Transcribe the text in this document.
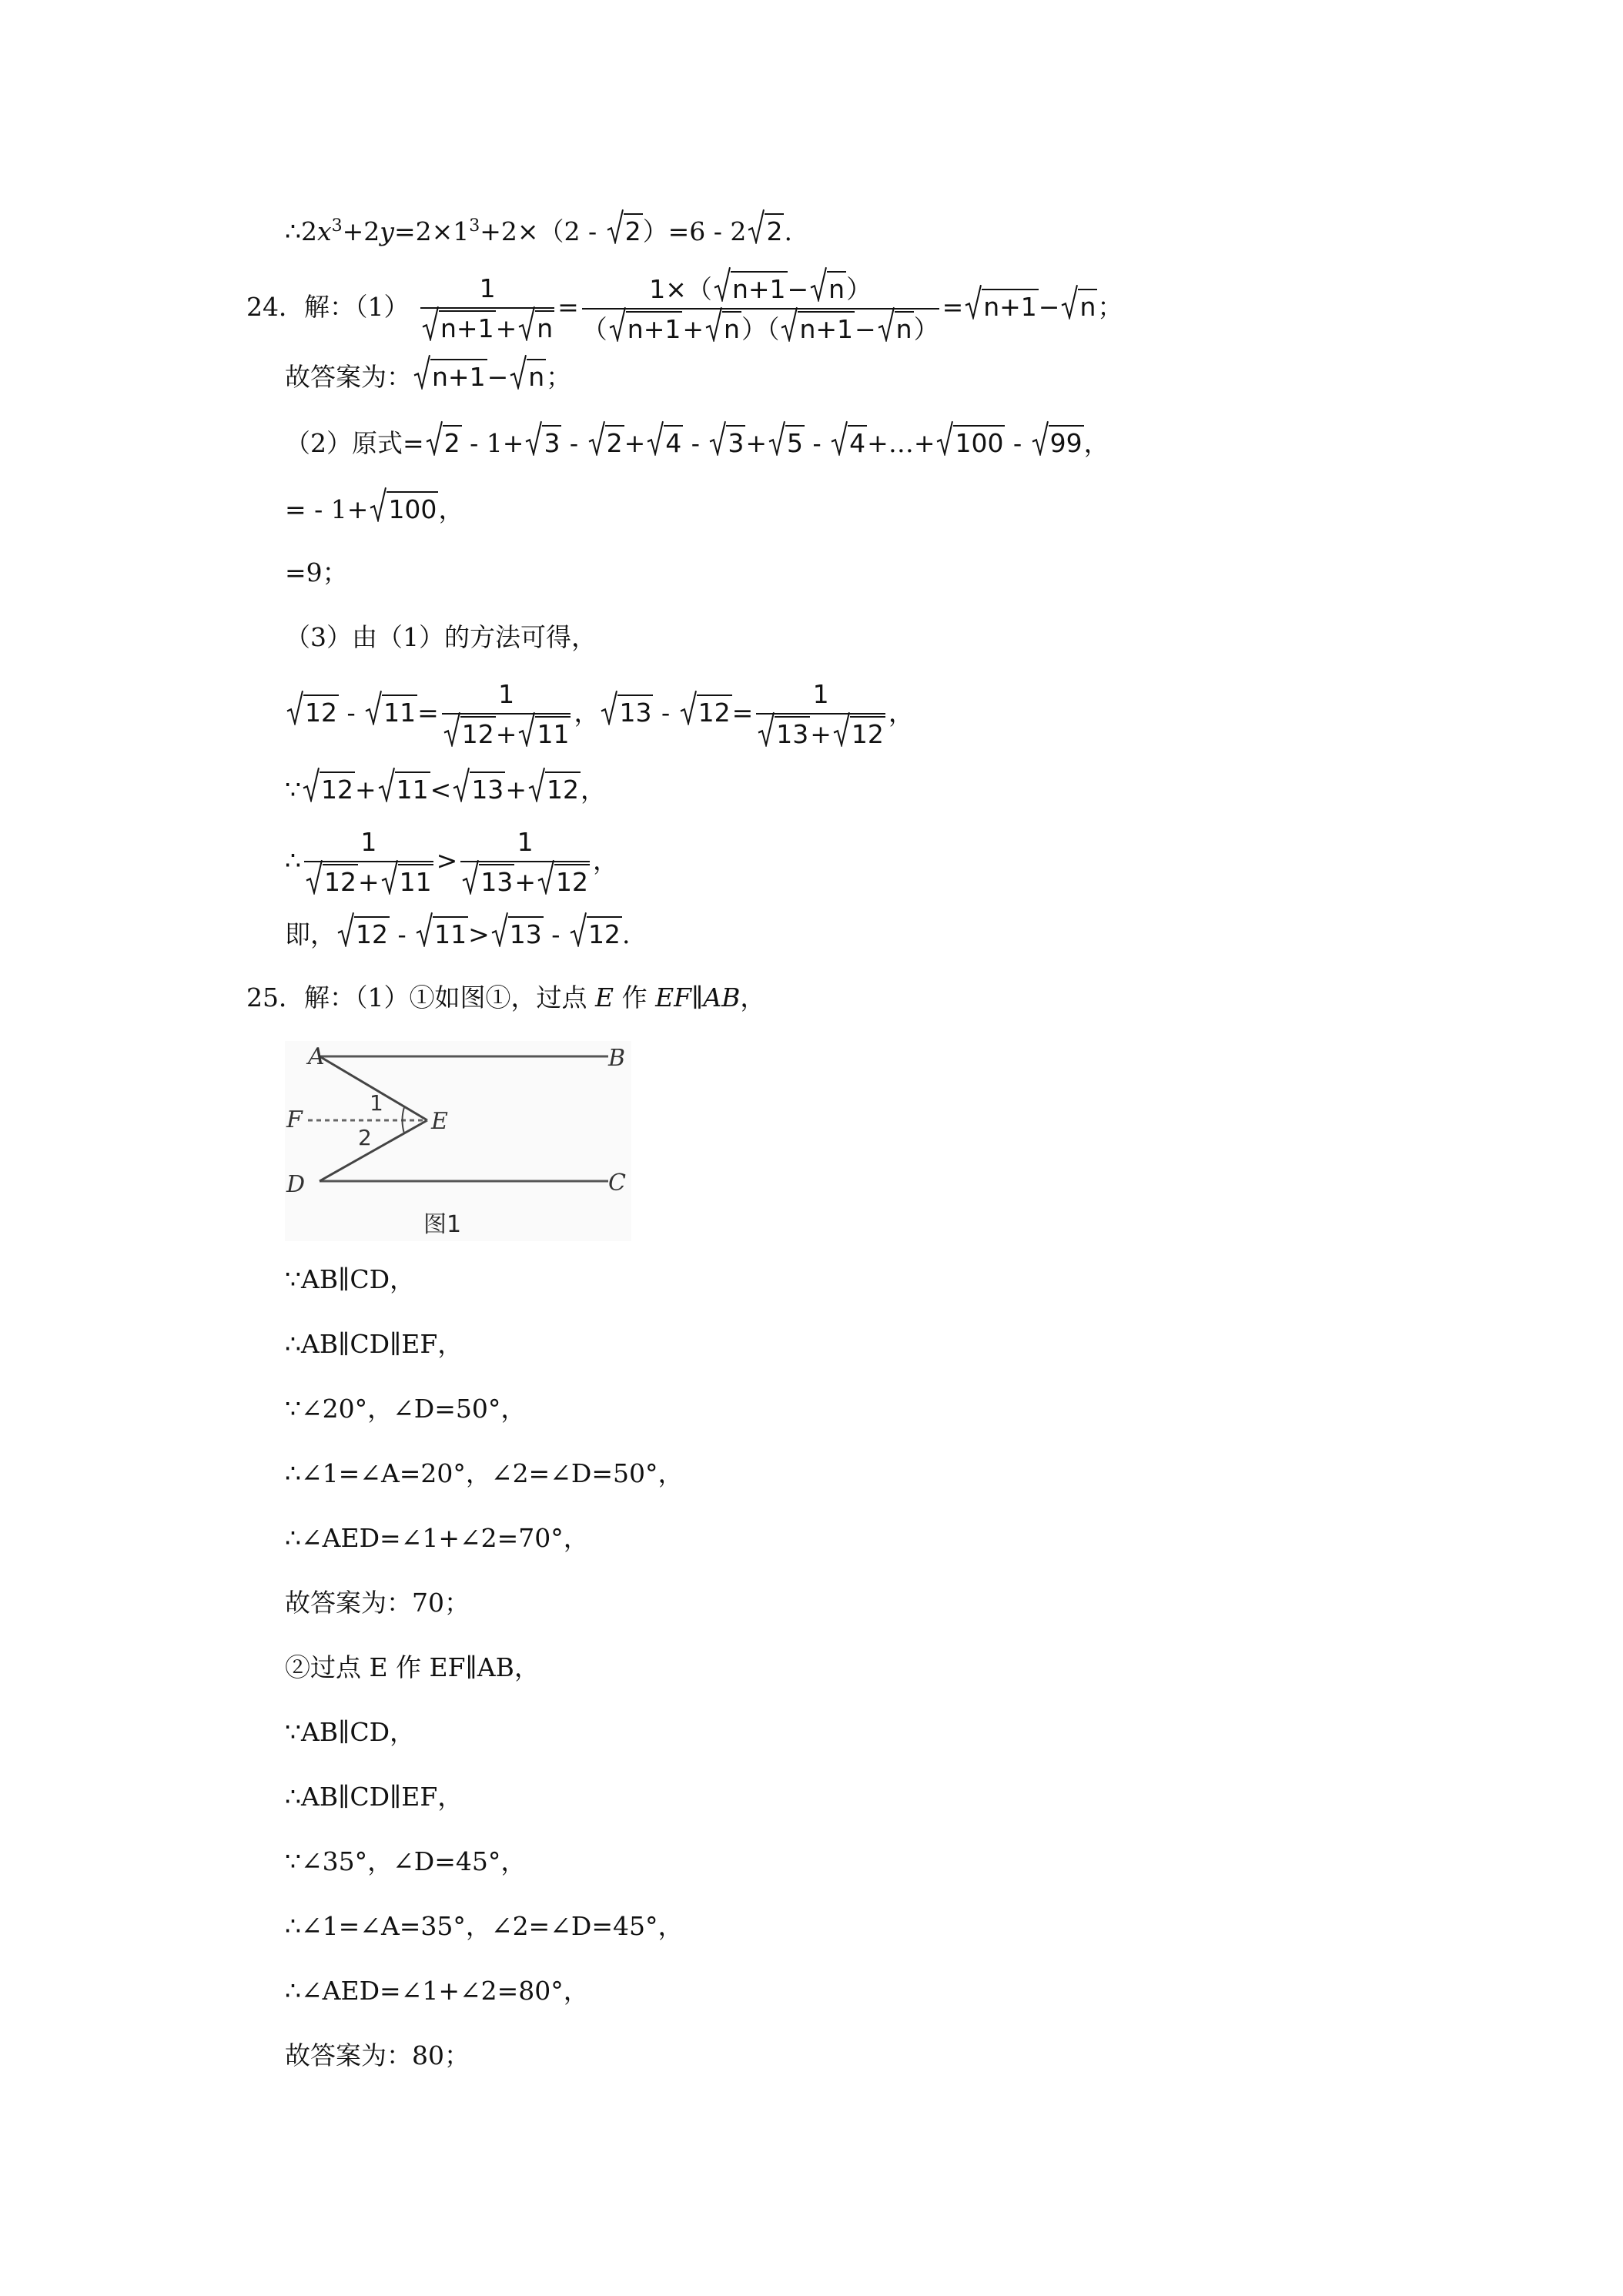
$\therefore 2x^3+2y=2\times 1^3+2\times(2$ -
2）=6 - 2 2.
24．解：$(1) \frac{1}{n+1+ n} = \frac{1\times( n+1- n)}{( n+1+ n)( n+1- n)} = n+1- n$；
故答案为： n+1− n；
（2）原式= 2 - 1+ 3 -
2+ 4 -
3+ 5 -
4+…+ 100 -
99，
= - 1+ 100，
=9；
（3）由（1）的方法可得，
12 -
$11= \frac{1}{12+ 11}$ ， 13 -
$12= \frac{1}{13+ 12}$ ，
∵ 12+ 11< 13+ 12，
∴ $\frac{1}{12+ 11} > \frac{1}{13+ 12}$ ，
即， 12 -
11> 13 -
12.
25．解：（1）①如图①，过点 E 作 EF∥AB，
A	B
F	E
D	C
1
2
图1
∵AB∥CD，
∴AB∥CD∥EF，
∵∠20°，∠D=50°，
∴∠1=∠A=20°，∠2=∠D=50°，
∴∠AED=∠1+∠2=70°，
故答案为：70；
②过点 E 作 EF∥AB，
∵AB∥CD，
∴AB∥CD∥EF，
∵∠35°，∠D=45°，
∴∠1=∠A=35°，∠2=∠D=45°，
∴∠AED=∠1+∠2=80°，
故答案为：80；
